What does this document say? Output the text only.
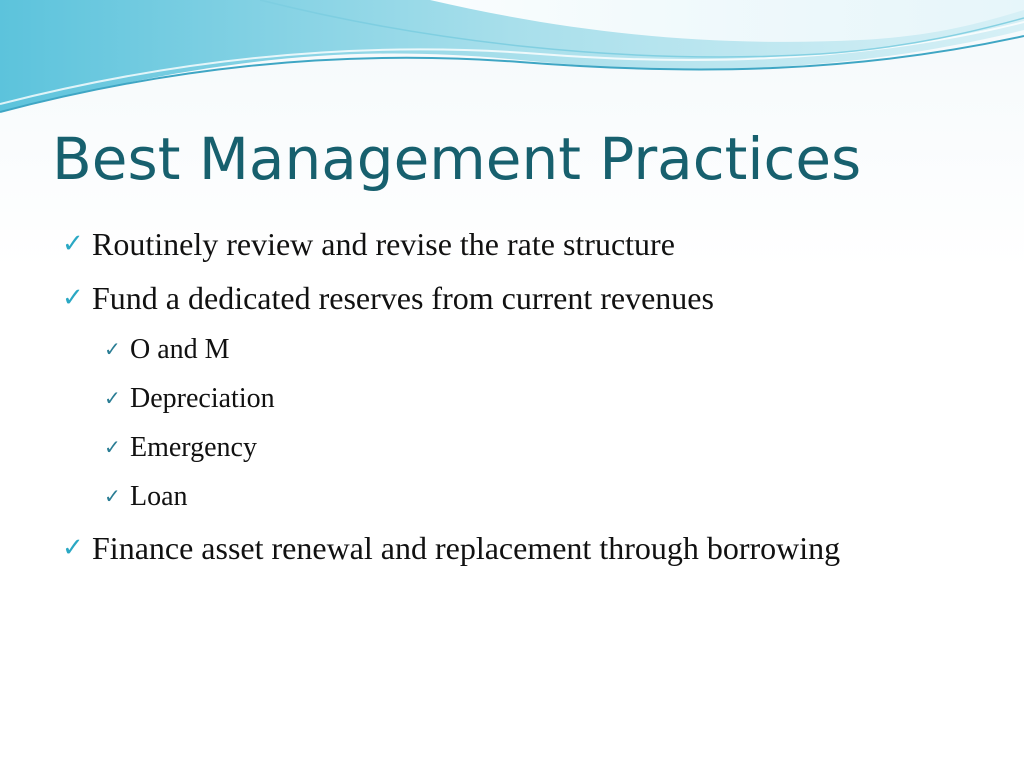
Best Management Practices
✓ Routinely review and revise the rate structure
✓ Fund a dedicated reserves from current revenues
✓ O and M
✓ Depreciation
✓ Emergency
✓ Loan
✓ Finance asset renewal and replacement through borrowing
